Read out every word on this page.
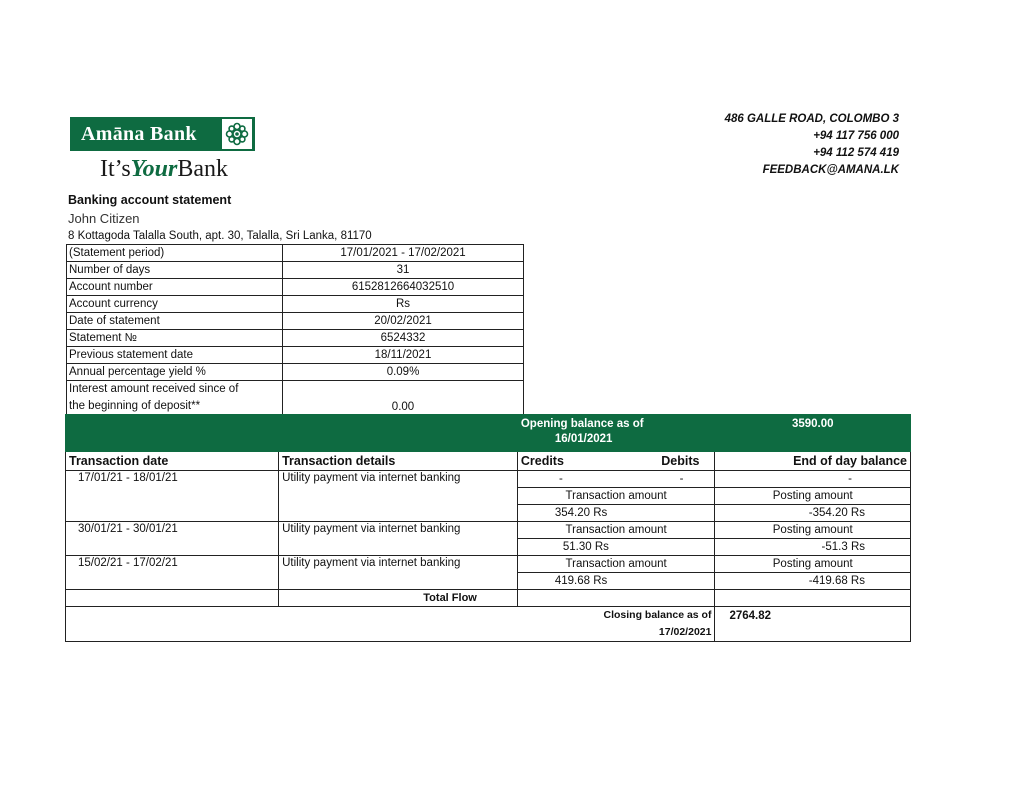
Amāna Bank
It’sYourBank
486 GALLE ROAD, COLOMBO 3
+94 117 756 000
+94 112 574 419
FEEDBACK@AMANA.LK
Banking account statement
John Citizen
8 Kottagoda Talalla South, apt. 30, Talalla, Sri Lanka, 81170
(Statement period)	17/01/2021 - 17/02/2021
Number of days	31
Account number	6152812664032510
Account currency	Rs
Date of statement	20/02/2021
Statement №	6524332
Previous statement date	18/11/2021
Annual percentage yield %	0.09%

Interest amount received since of
the beginning of deposit**	0.00

		Opening balance as of
16/01/2021	3590.00
Transaction date	Transaction details	Credits Debits	End of day balance
17/01/21 - 18/01/21	Utility payment via internet banking	- -	-
		Transaction amount	Posting amount
		354.20 Rs	-354.20 Rs
30/01/21 - 30/01/21	Utility payment via internet banking	Transaction amount	Posting amount
		51.30 Rs	-51.3 Rs
15/02/21 - 17/02/21	Utility payment via internet banking	Transaction amount	Posting amount
		419.68 Rs	-419.68 Rs
	Total Flow		

Closing balance as of
17/02/2021			2764.82
